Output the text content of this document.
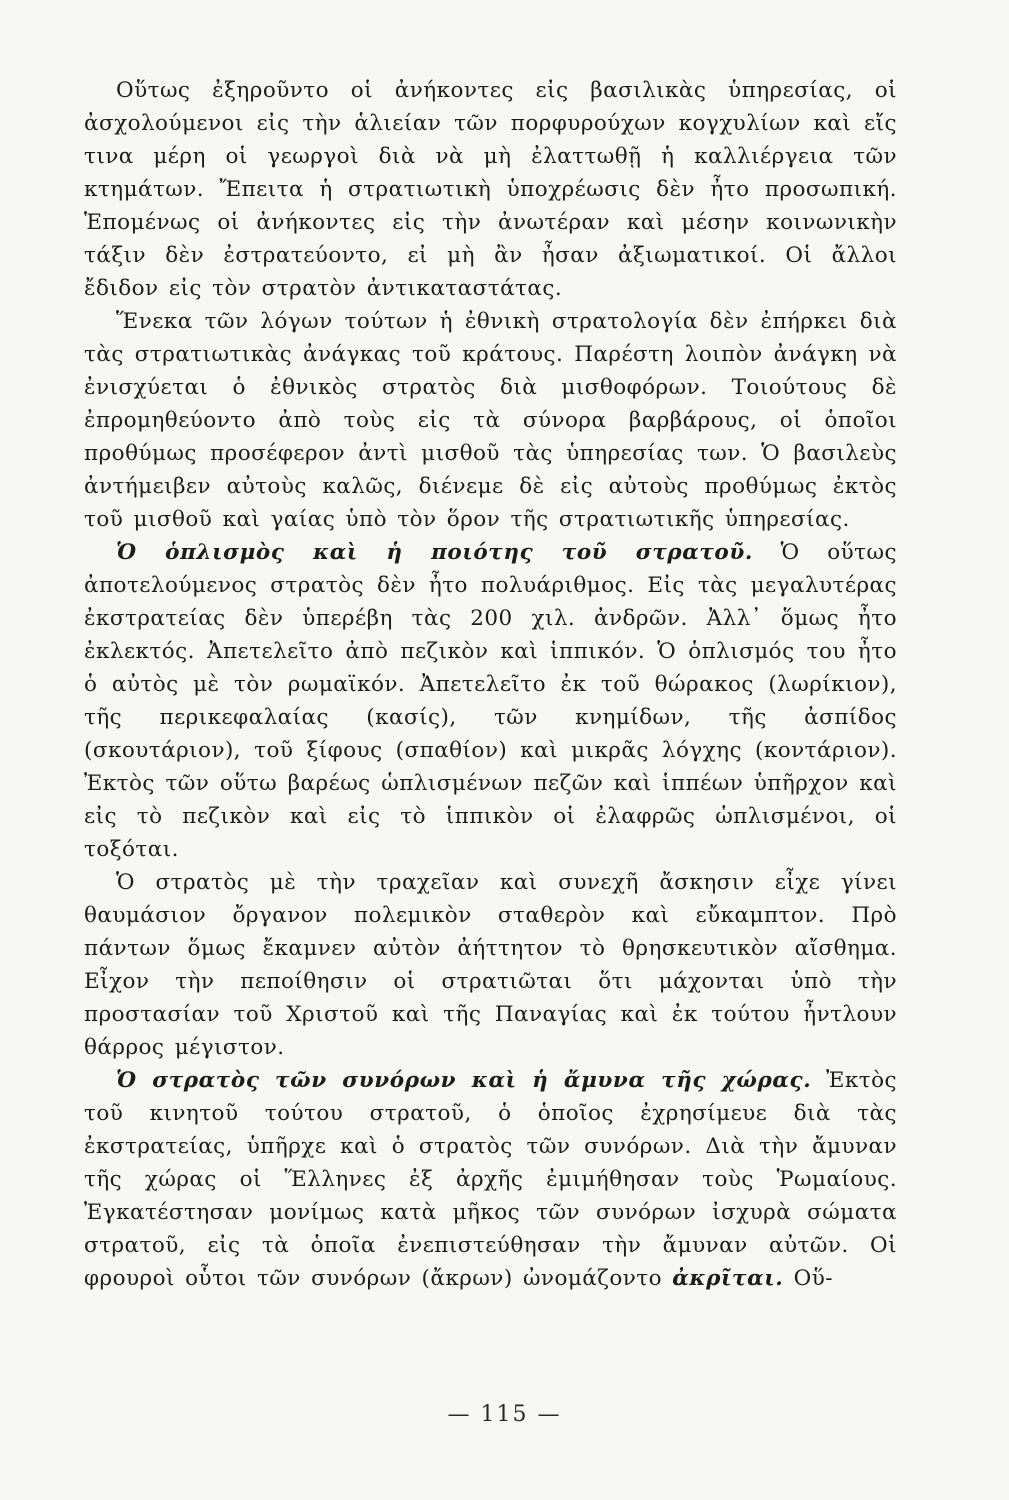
Οὕτως ἐξηροῦντο οἱ ἀνήκοντες εἰς βασιλικὰς ὑπηρεσίας, οἱ ἀσχολούμενοι εἰς τὴν ἁλιείαν τῶν πορφυρούχων κογχυλίων καὶ εἴς τινα μέρη οἱ γεωργοὶ διὰ νὰ μὴ ἐλαττωθῇ ἡ καλλιέργεια τῶν κτημάτων. Ἔπειτα ἡ στρατιωτικὴ ὑποχρέωσις δὲν ἦτο προσωπική. Ἑπομένως οἱ ἀνήκοντες εἰς τὴν ἀνωτέραν καὶ μέσην κοινωνικὴν τάξιν δὲν ἐστρατεύοντο, εἰ μὴ ἂν ἦσαν ἀξιωματικοί. Οἱ ἄλλοι ἔδιδον εἰς τὸν στρατὸν ἀντικαταστάτας.

Ἕνεκα τῶν λόγων τούτων ἡ ἐθνικὴ στρατολογία δὲν ἐπήρκει διὰ τὰς στρατιωτικὰς ἀνάγκας τοῦ κράτους. Παρέστη λοιπὸν ἀνάγκη νὰ ἐνισχύεται ὁ ἐθνικὸς στρατὸς διὰ μισθοφόρων. Τοιούτους δὲ ἐπρομηθεύοντο ἀπὸ τοὺς εἰς τὰ σύνορα βαρβάρους, οἱ ὁποῖοι προθύμως προσέφερον ἀντὶ μισθοῦ τὰς ὑπηρεσίας των. Ὁ βασιλεὺς ἀντήμειβεν αὐτοὺς καλῶς, διένεμε δὲ εἰς αὐτοὺς προθύμως ἐκτὸς τοῦ μισθοῦ καὶ γαίας ὑπὸ τὸν ὅρον τῆς στρατιωτικῆς ὑπηρεσίας.

Ὁ ὁπλισμὸς καὶ ἡ ποιότης τοῦ στρατοῦ. Ὁ οὕτως ἀποτελούμενος στρατὸς δὲν ἦτο πολυάριθμος. Εἰς τὰς μεγαλυτέρας ἐκστρατείας δὲν ὑπερέβη τὰς 200 χιλ. ἀνδρῶν. Ἀλλ᾽ ὅμως ἦτο ἐκλεκτός. Ἀπετελεῖτο ἀπὸ πεζικὸν καὶ ἱππικόν. Ὁ ὁπλισμός του ἦτο ὁ αὐτὸς μὲ τὸν ρωμαϊκόν. Ἀπετελεῖτο ἐκ τοῦ θώρακος (λωρίκιον), τῆς περικεφαλαίας (κασίς), τῶν κνημίδων, τῆς ἀσπίδος (σκουτάριον), τοῦ ξίφους (σπαθίον) καὶ μικρᾶς λόγχης (κοντάριον). Ἐκτὸς τῶν οὕτω βαρέως ὡπλισμένων πεζῶν καὶ ἱππέων ὑπῆρχον καὶ εἰς τὸ πεζικὸν καὶ εἰς τὸ ἱππικὸν οἱ ἐλαφρῶς ὡπλισμένοι, οἱ τοξόται.

Ὁ στρατὸς μὲ τὴν τραχεῖαν καὶ συνεχῆ ἄσκησιν εἶχε γίνει θαυμάσιον ὄργανον πολεμικὸν σταθερὸν καὶ εὔκαμπτον. Πρὸ πάντων ὅμως ἔκαμνεν αὐτὸν ἀήττητον τὸ θρησκευτικὸν αἴσθημα. Εἶχον τὴν πεποίθησιν οἱ στρατιῶται ὅτι μάχονται ὑπὸ τὴν προστασίαν τοῦ Χριστοῦ καὶ τῆς Παναγίας καὶ ἐκ τούτου ἦντλουν θάρρος μέγιστον.

Ὁ στρατὸς τῶν συνόρων καὶ ἡ ἄμυνα τῆς χώρας. Ἐκτὸς τοῦ κινητοῦ τούτου στρατοῦ, ὁ ὁποῖος ἐχρησίμευε διὰ τὰς ἐκστρατείας, ὑπῆρχε καὶ ὁ στρατὸς τῶν συνόρων. Διὰ τὴν ἄμυναν τῆς χώρας οἱ Ἕλληνες ἐξ ἀρχῆς ἐμιμήθησαν τοὺς Ῥωμαίους. Ἐγκατέστησαν μονίμως κατὰ μῆκος τῶν συνόρων ἰσχυρὰ σώματα στρατοῦ, εἰς τὰ ὁποῖα ἐνεπιστεύθησαν τὴν ἄμυναν αὐτῶν. Οἱ φρουροὶ οὗτοι τῶν συνόρων (ἄκρων) ὠνομάζοντο ἀκρῖται. Οὕ-

— 115 —
